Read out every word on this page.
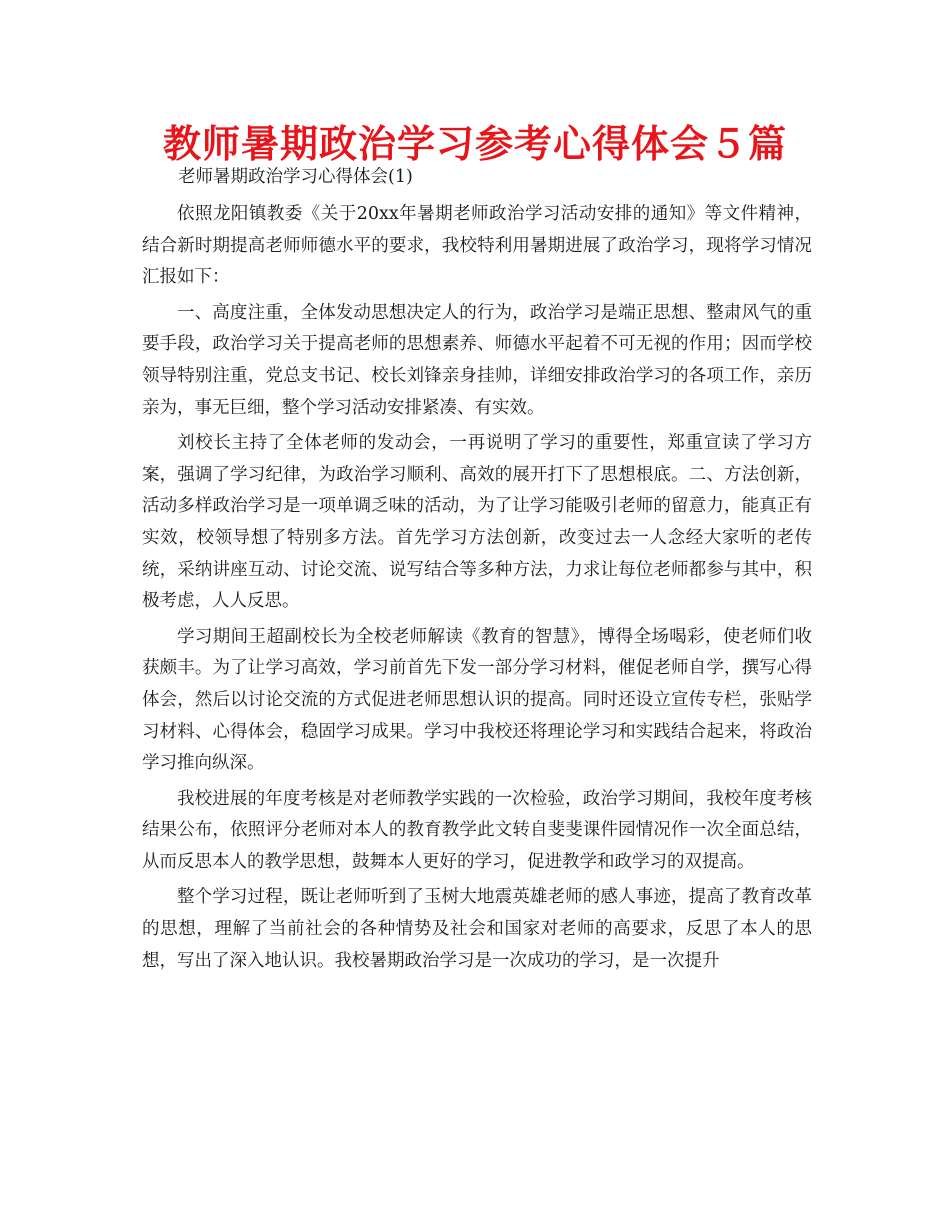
教师暑期政治学习参考心得体会５篇

老师暑期政治学习心得体会(1)

依照龙阳镇教委《关于20xx年暑期老师政治学习活动安排的通知》等文件精神，结合新时期提高老师师德水平的要求，我校特利用暑期进展了政治学习，现将学习情况汇报如下：

一、高度注重，全体发动思想决定人的行为，政治学习是端正思想、整肃风气的重要手段，政治学习关于提高老师的思想素养、师德水平起着不可无视的作用；因而学校领导特别注重，党总支书记、校长刘锋亲身挂帅，详细安排政治学习的各项工作，亲历亲为，事无巨细，整个学习活动安排紧凑、有实效。

刘校长主持了全体老师的发动会，一再说明了学习的重要性，郑重宣读了学习方案，强调了学习纪律，为政治学习顺利、高效的展开打下了思想根底。二、方法创新，活动多样政治学习是一项单调乏味的活动，为了让学习能吸引老师的留意力，能真正有实效，校领导想了特别多方法。首先学习方法创新，改变过去一人念经大家听的老传统，采纳讲座互动、讨论交流、说写结合等多种方法，力求让每位老师都参与其中，积极考虑，人人反思。

学习期间王超副校长为全校老师解读《教育的智慧》，博得全场喝彩，使老师们收获颇丰。为了让学习高效，学习前首先下发一部分学习材料，催促老师自学，撰写心得体会，然后以讨论交流的方式促进老师思想认识的提高。同时还设立宣传专栏，张贴学习材料、心得体会，稳固学习成果。学习中我校还将理论学习和实践结合起来，将政治学习推向纵深。

我校进展的年度考核是对老师教学实践的一次检验，政治学习期间，我校年度考核结果公布，依照评分老师对本人的教育教学此文转自斐斐课件园情况作一次全面总结，从而反思本人的教学思想，鼓舞本人更好的学习，促进教学和政学习的双提高。

整个学习过程，既让老师听到了玉树大地震英雄老师的感人事迹，提高了教育改革的思想，理解了当前社会的各种情势及社会和国家对老师的高要求，反思了本人的思想，写出了深入地认识。我校暑期政治学习是一次成功的学习，是一次提升
